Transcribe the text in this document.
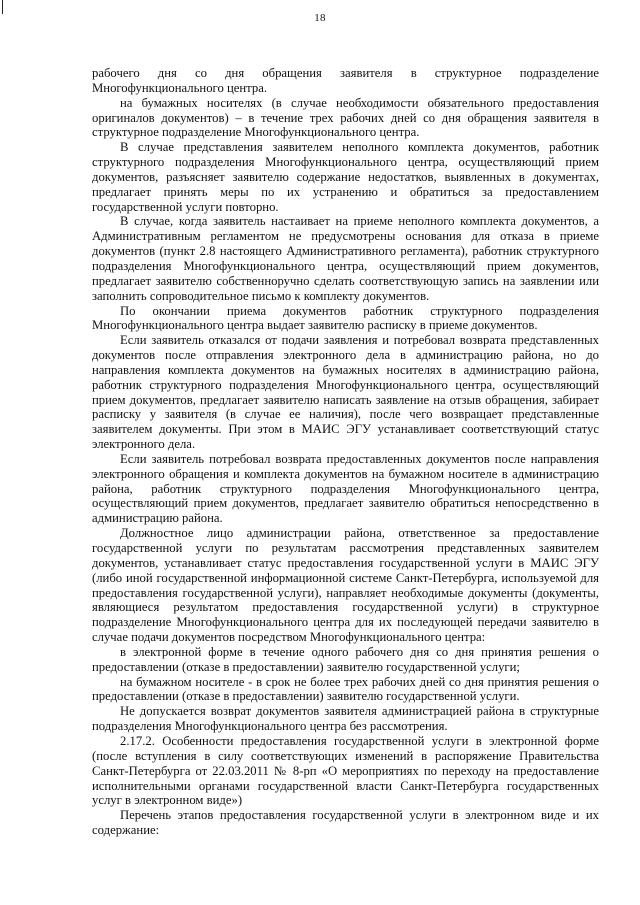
18

рабочего дня со дня обращения заявителя в структурное подразделение Многофункционального центра.

на бумажных носителях (в случае необходимости обязательного предоставления оригиналов документов) – в течение трех рабочих дней со дня обращения заявителя в структурное подразделение Многофункционального центра.

В случае представления заявителем неполного комплекта документов, работник структурного подразделения Многофункционального центра, осуществляющий прием документов, разъясняет заявителю содержание недостатков, выявленных в документах, предлагает принять меры по их устранению и обратиться за предоставлением государственной услуги повторно.

В случае, когда заявитель настаивает на приеме неполного комплекта документов, а Административным регламентом не предусмотрены основания для отказа в приеме документов (пункт 2.8 настоящего Административного регламента), работник структурного подразделения Многофункционального центра, осуществляющий прием документов, предлагает заявителю собственноручно сделать соответствующую запись на заявлении или заполнить сопроводительное письмо к комплекту документов.

По окончании приема документов работник структурного подразделения Многофункционального центра выдает заявителю расписку в приеме документов.

Если заявитель отказался от подачи заявления и потребовал возврата представленных документов после отправления электронного дела в администрацию района, но до направления комплекта документов на бумажных носителях в администрацию района, работник структурного подразделения Многофункционального центра, осуществляющий прием документов, предлагает заявителю написать заявление на отзыв обращения, забирает расписку у заявителя (в случае ее наличия), после чего возвращает представленные заявителем документы. При этом в МАИС ЭГУ устанавливает соответствующий статус электронного дела.

Если заявитель потребовал возврата предоставленных документов после направления электронного обращения и комплекта документов на бумажном носителе в администрацию района, работник структурного подразделения Многофункционального центра, осуществляющий прием документов, предлагает заявителю обратиться непосредственно в администрацию района.

Должностное лицо администрации района, ответственное за предоставление государственной услуги по результатам рассмотрения представленных заявителем документов, устанавливает статус предоставления государственной услуги в МАИС ЭГУ (либо иной государственной информационной системе Санкт-Петербурга, используемой для предоставления государственной услуги), направляет необходимые документы (документы, являющиеся результатом предоставления государственной услуги) в структурное подразделение Многофункционального центра для их последующей передачи заявителю в случае подачи документов посредством Многофункционального центра:

в электронной форме в течение одного рабочего дня со дня принятия решения о предоставлении (отказе в предоставлении) заявителю государственной услуги;

на бумажном носителе - в срок не более трех рабочих дней со дня принятия решения о предоставлении (отказе в предоставлении) заявителю государственной услуги.

Не допускается возврат документов заявителя администрацией района в структурные подразделения Многофункционального центра без рассмотрения.

2.17.2. Особенности предоставления государственной услуги в электронной форме (после вступления в силу соответствующих изменений в распоряжение Правительства Санкт-Петербурга от 22.03.2011 № 8-рп «О мероприятиях по переходу на предоставление исполнительными органами государственной власти Санкт-Петербурга государственных услуг в электронном виде»)

Перечень этапов предоставления государственной услуги в электронном виде и их содержание:
